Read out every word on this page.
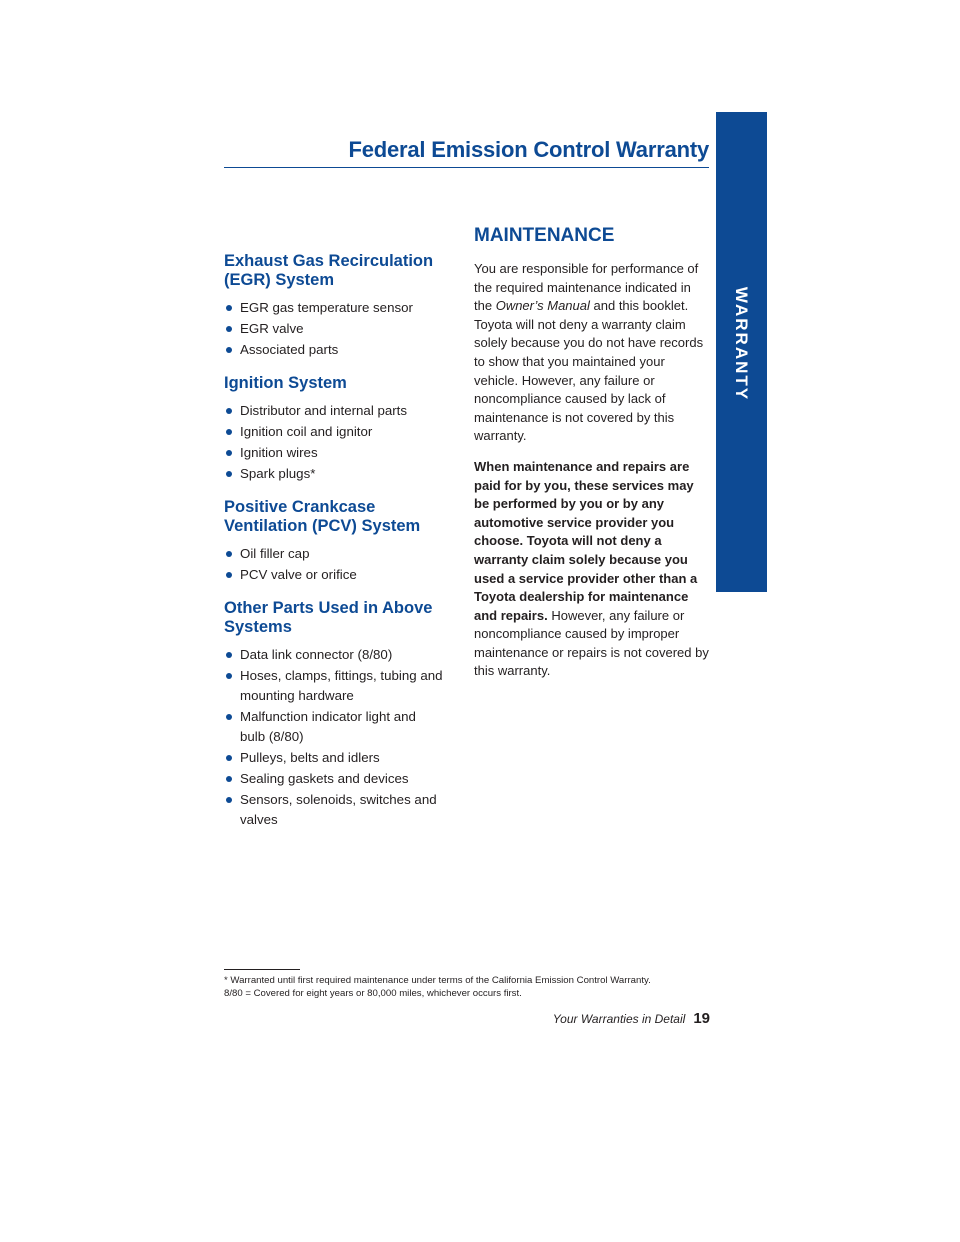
Federal Emission Control Warranty
WARRANTY
Exhaust Gas Recirculation (EGR) System
EGR gas temperature sensor
EGR valve
Associated parts
Ignition System
Distributor and internal parts
Ignition coil and ignitor
Ignition wires
Spark plugs*
Positive Crankcase Ventilation (PCV) System
Oil filler cap
PCV valve or orifice
Other Parts Used in Above Systems
Data link connector (8/80)
Hoses, clamps, fittings, tubing and mounting hardware
Malfunction indicator light and bulb (8/80)
Pulleys, belts and idlers
Sealing gaskets and devices
Sensors, solenoids, switches and valves
MAINTENANCE

You are responsible for performance of the required maintenance indicated in the Owner’s Manual and this booklet. Toyota will not deny a warranty claim solely because you do not have records to show that you maintained your vehicle. However, any failure or noncompliance caused by lack of maintenance is not covered by this warranty.

When maintenance and repairs are paid for by you, these services may be performed by you or by any automotive service provider you choose. Toyota will not deny a warranty claim solely because you used a service provider other than a Toyota dealership for maintenance and repairs. However, any failure or noncompliance caused by improper maintenance or repairs is not covered by this warranty.

* Warranted until first required maintenance under terms of the California Emission Control Warranty.
8/80 = Covered for eight years or 80,000 miles, whichever occurs first.
Your Warranties in Detail 19
